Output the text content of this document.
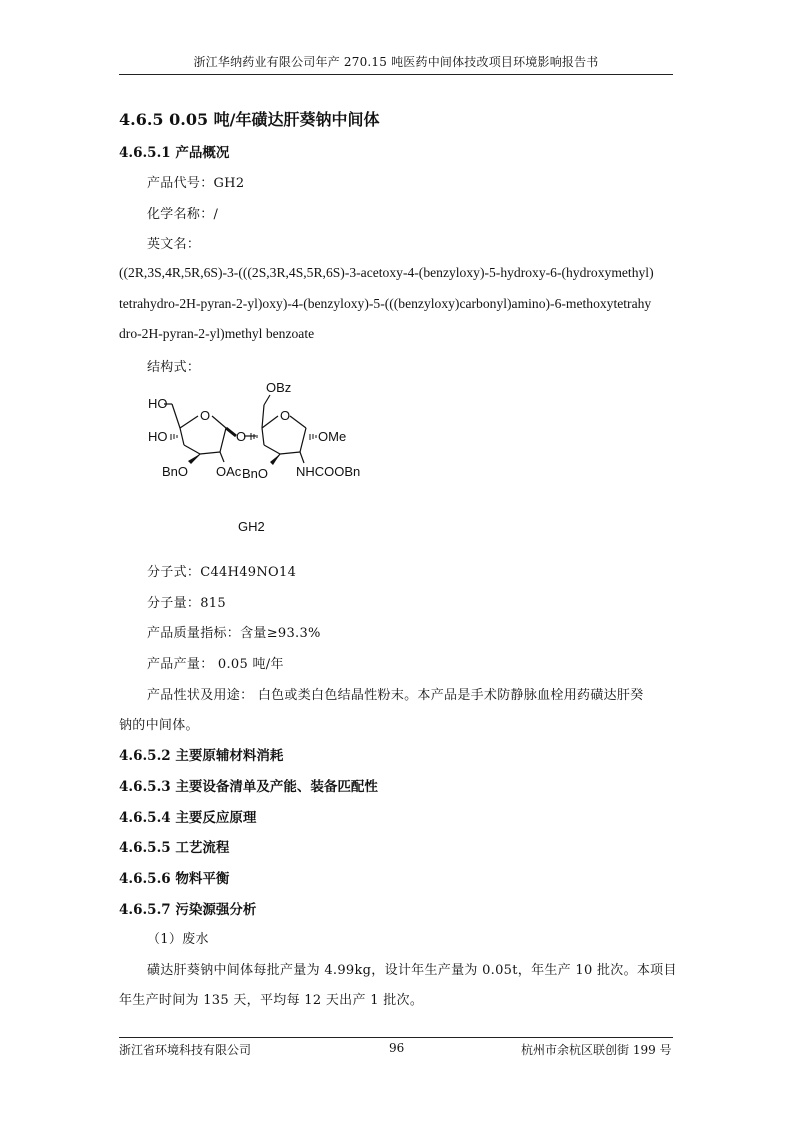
浙江华纳药业有限公司年产 270.15 吨医药中间体技改项目环境影响报告书
4.6.5 0.05 吨/年磺达肝葵钠中间体
4.6.5.1 产品概况
产品代号：GH2
化学名称：/
英文名：
((2R,3S,4R,5R,6S)-3-(((2S,3R,4S,5R,6S)-3-acetoxy-4-(benzyloxy)-5-hydroxy-6-(hydroxymethyl)
tetrahydro-2H-pyran-2-yl)oxy)-4-(benzyloxy)-5-(((benzyloxy)carbonyl)amino)-6-methoxytetrahy
dro-2H-pyran-2-yl)methyl benzoate
结构式：
OBz
HO
O
O
HO
O
OMe
BnO OAc BnO NHCOOBn
GH2
分子式：C44H49NO14
分子量：815
产品质量指标：含量≥93.3%
产品产量： 0.05 吨/年
产品性状及用途： 白色或类白色结晶性粉末。本产品是手术防静脉血栓用药磺达肝癸
钠的中间体。
4.6.5.2 主要原辅材料消耗
4.6.5.3 主要设备清单及产能、装备匹配性
4.6.5.4 主要反应原理
4.6.5.5 工艺流程
4.6.5.6 物料平衡
4.6.5.7 污染源强分析
（1）废水
磺达肝葵钠中间体每批产量为 4.99kg，设计年生产量为 0.05t，年生产 10 批次。本项目
年生产时间为 135 天，平均每 12 天出产 1 批次。
浙江省环境科技有限公司	96	杭州市余杭区联创街 199 号
